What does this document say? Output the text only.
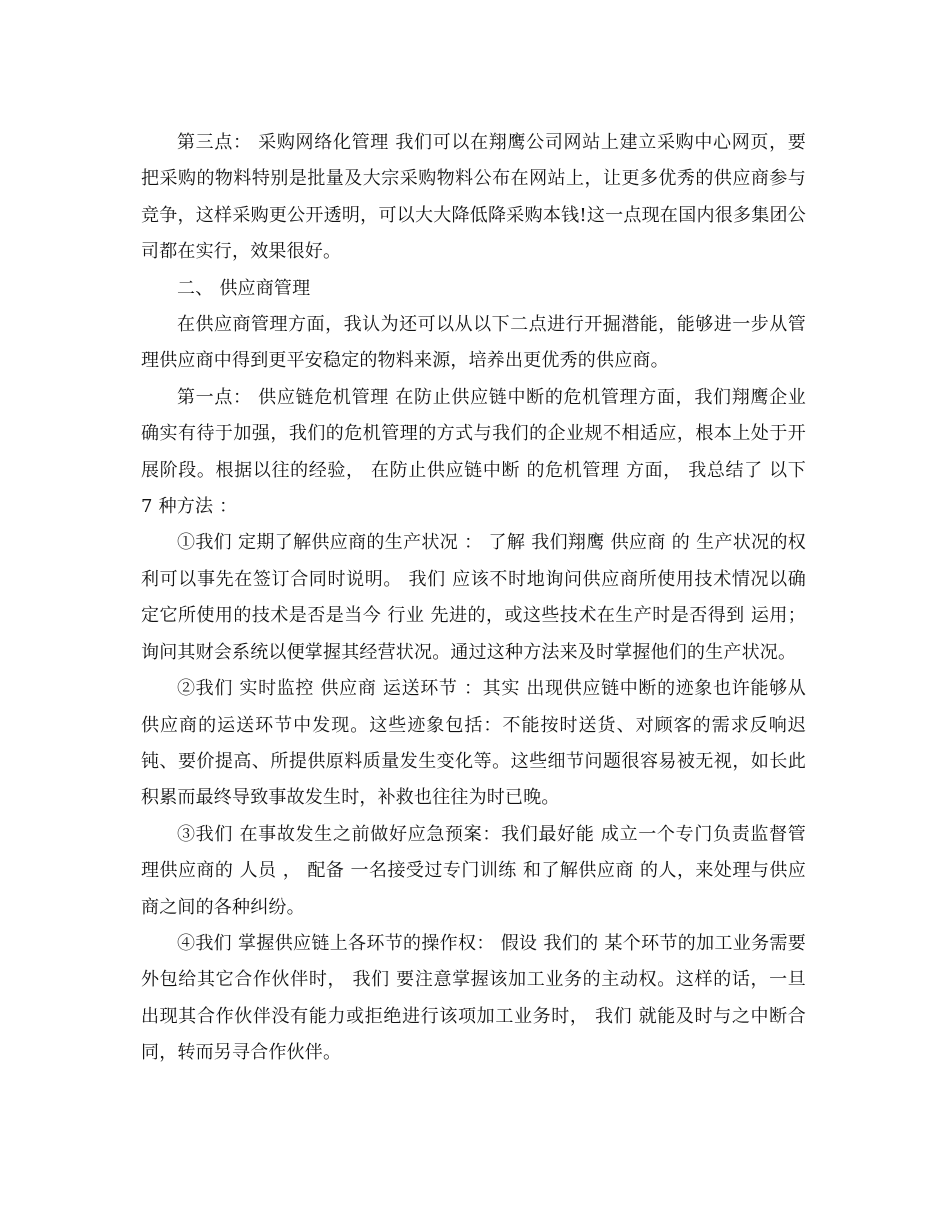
第三点： 采购网络化管理 我们可以在翔鹰公司网站上建立采购中心网页，要把采购的物料特别是批量及大宗采购物料公布在网站上，让更多优秀的供应商参与竞争，这样采购更公开透明，可以大大降低降采购本钱!这一点现在国内很多集团公司都在实行，效果很好。

二、 供应商管理

在供应商管理方面，我认为还可以从以下二点进行开掘潜能，能够进一步从管理供应商中得到更平安稳定的物料来源，培养出更优秀的供应商。

第一点： 供应链危机管理 在防止供应链中断的危机管理方面，我们翔鹰企业确实有待于加强，我们的危机管理的方式与我们的企业规不相适应，根本上处于开展阶段。根据以往的经验， 在防止供应链中断 的危机管理 方面， 我总结了 以下 7 种方法 ：

①我们 定期了解供应商的生产状况 ： 了解 我们翔鹰 供应商 的 生产状况的权利可以事先在签订合同时说明。 我们 应该不时地询问供应商所使用技术情况以确定它所使用的技术是否是当今 行业 先进的，或这些技术在生产时是否得到 运用；询问其财会系统以便掌握其经营状况。通过这种方法来及时掌握他们的生产状况。

②我们 实时监控 供应商 运送环节 ：其实 出现供应链中断的迹象也许能够从供应商的运送环节中发现。这些迹象包括：不能按时送货、对顾客的需求反响迟钝、要价提高、所提供原料质量发生变化等。这些细节问题很容易被无视，如长此积累而最终导致事故发生时，补救也往往为时已晚。

③我们 在事故发生之前做好应急预案：我们最好能 成立一个专门负责监督管理供应商的 人员 ， 配备 一名接受过专门训练 和了解供应商 的人，来处理与供应商之间的各种纠纷。

④我们 掌握供应链上各环节的操作权： 假设 我们的 某个环节的加工业务需要外包给其它合作伙伴时， 我们 要注意掌握该加工业务的主动权。这样的话，一旦出现其合作伙伴没有能力或拒绝进行该项加工业务时， 我们 就能及时与之中断合同，转而另寻合作伙伴。
